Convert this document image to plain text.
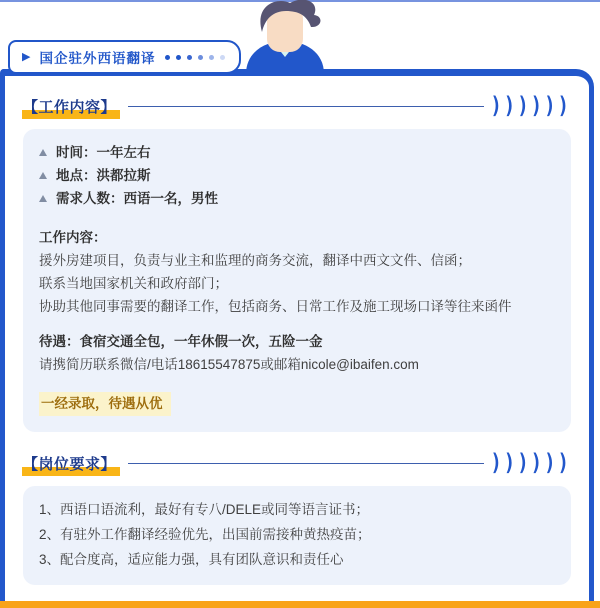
▶ 国企驻外西语翻译
【工作内容】	))))))
时间：一年左右
地点：洪都拉斯
需求人数：西语一名，男性
工作内容：
援外房建项目，负责与业主和监理的商务交流，翻译中西文文件、信函；
联系当地国家机关和政府部门；
协助其他同事需要的翻译工作，包括商务、日常工作及施工现场口译等往来函件
待遇：食宿交通全包，一年休假一次，五险一金
请携简历联系微信/电话18615547875或邮箱nicole@ibaifen.com
一经录取，待遇从优
【岗位要求】	))))))
1、西语口语流利，最好有专八/DELE或同等语言证书；
2、有驻外工作翻译经验优先，出国前需接种黄热疫苗；
3、配合度高，适应能力强，具有团队意识和责任心
